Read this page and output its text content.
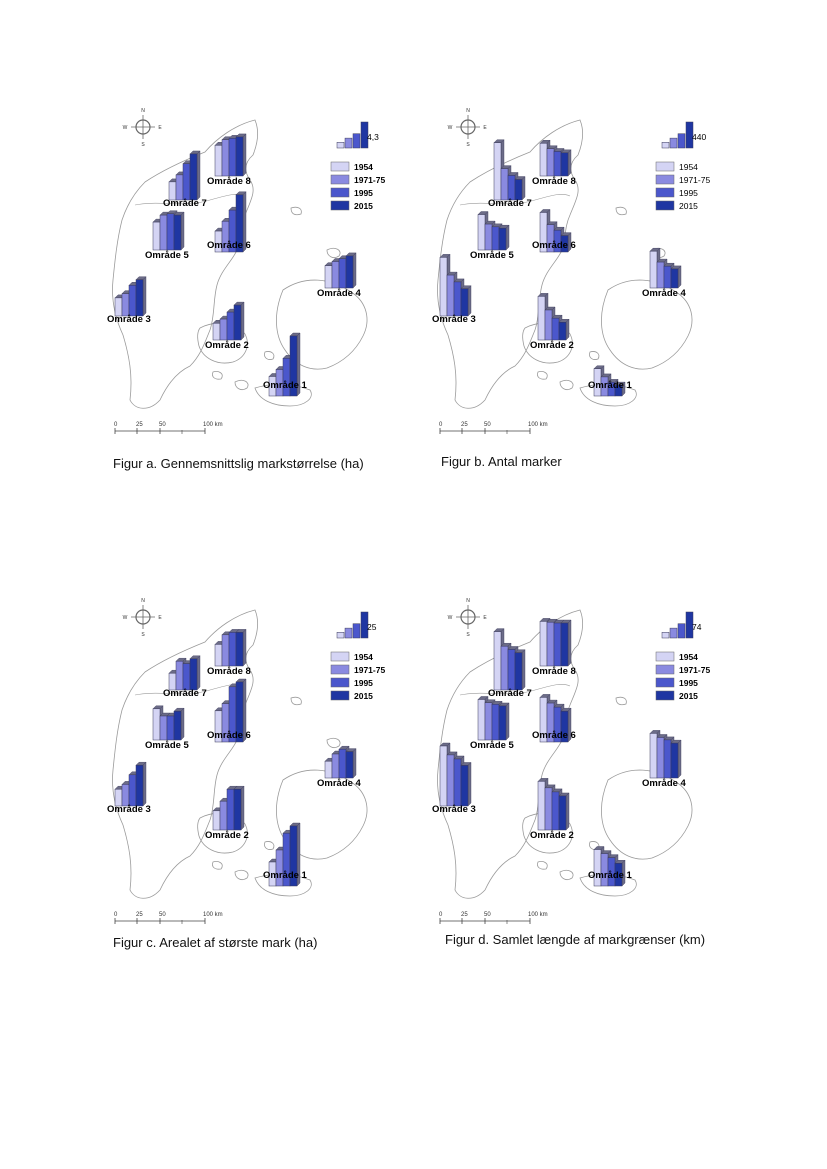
N
S
E
W
0	25	50	100 km
4,3
1954
1971-75
1995
2015
Område 1
Område 2
Område 3
Område 4
Område 5
Område 6
Område 7
Område 8
Figur a. Gennemsnittslig markstørrelse (ha)
N
S
E
W
0	25	50	100 km
440
1954
1971-75
1995
2015
Område 1
Område 2
Område 3
Område 4
Område 5
Område 6
Område 7
Område 8
Figur b. Antal marker
N
S
E
W
0	25	50	100 km
25
1954
1971-75
1995
2015
Område 1
Område 2
Område 3
Område 4
Område 5
Område 6
Område 7
Område 8
Figur c. Arealet af største mark (ha)
N
S
E
W
0	25	50	100 km
74
1954
1971-75
1995
2015
Område 1
Område 2
Område 3
Område 4
Område 5
Område 6
Område 7
Område 8
Figur d. Samlet længde af markgrænser (km)
